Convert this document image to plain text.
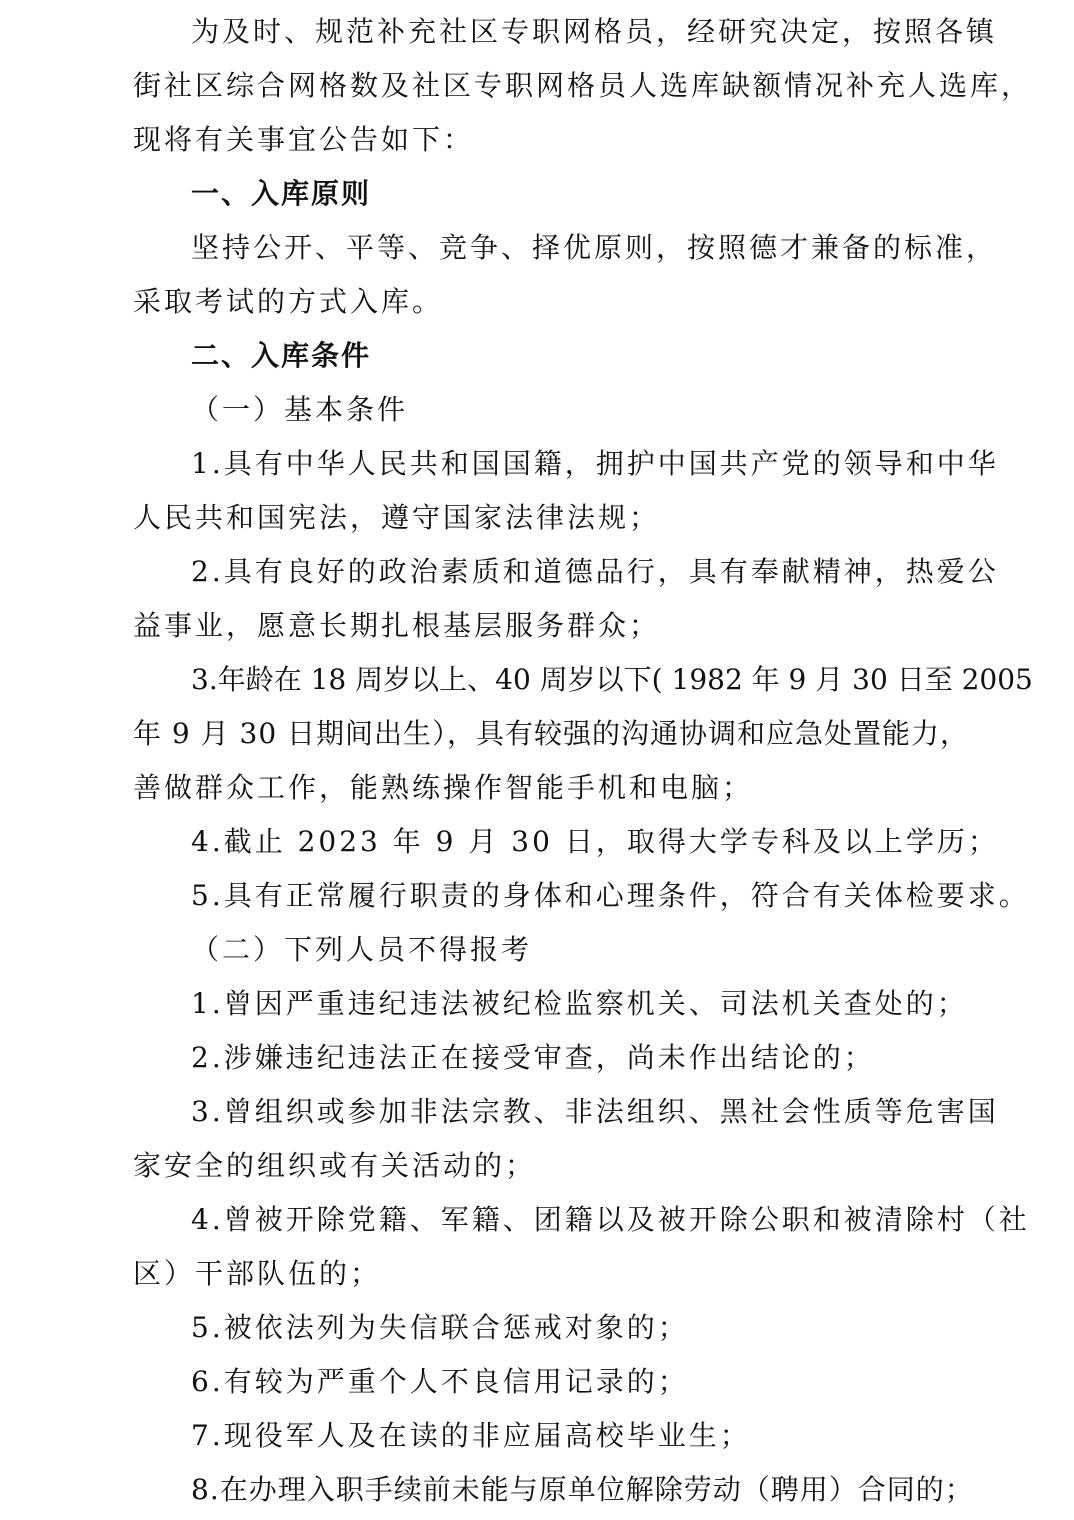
为及时、规范补充社区专职网格员，经研究决定，按照各镇
街社区综合网格数及社区专职网格员人选库缺额情况补充人选库，
现将有关事宜公告如下：
一、入库原则
坚持公开、平等、竞争、择优原则，按照德才兼备的标准，
采取考试的方式入库。
二、入库条件
（一）基本条件
1.具有中华人民共和国国籍，拥护中国共产党的领导和中华
人民共和国宪法，遵守国家法律法规；
2.具有良好的政治素质和道德品行，具有奉献精神，热爱公
益事业，愿意长期扎根基层服务群众；
3.年龄在 18 周岁以上、40 周岁以下( 1982 年 9 月 30 日至 2005
年 9 月 30 日期间出生），具有较强的沟通协调和应急处置能力，
善做群众工作，能熟练操作智能手机和电脑；
4.截止 2023 年 9 月 30 日，取得大学专科及以上学历；
5.具有正常履行职责的身体和心理条件，符合有关体检要求。
（二）下列人员不得报考
1.曾因严重违纪违法被纪检监察机关、司法机关查处的；
2.涉嫌违纪违法正在接受审查，尚未作出结论的；
3.曾组织或参加非法宗教、非法组织、黑社会性质等危害国
家安全的组织或有关活动的；
4.曾被开除党籍、军籍、团籍以及被开除公职和被清除村（社
区）干部队伍的；
5.被依法列为失信联合惩戒对象的；
6.有较为严重个人不良信用记录的；
7.现役军人及在读的非应届高校毕业生；
8.在办理入职手续前未能与原单位解除劳动（聘用）合同的；
